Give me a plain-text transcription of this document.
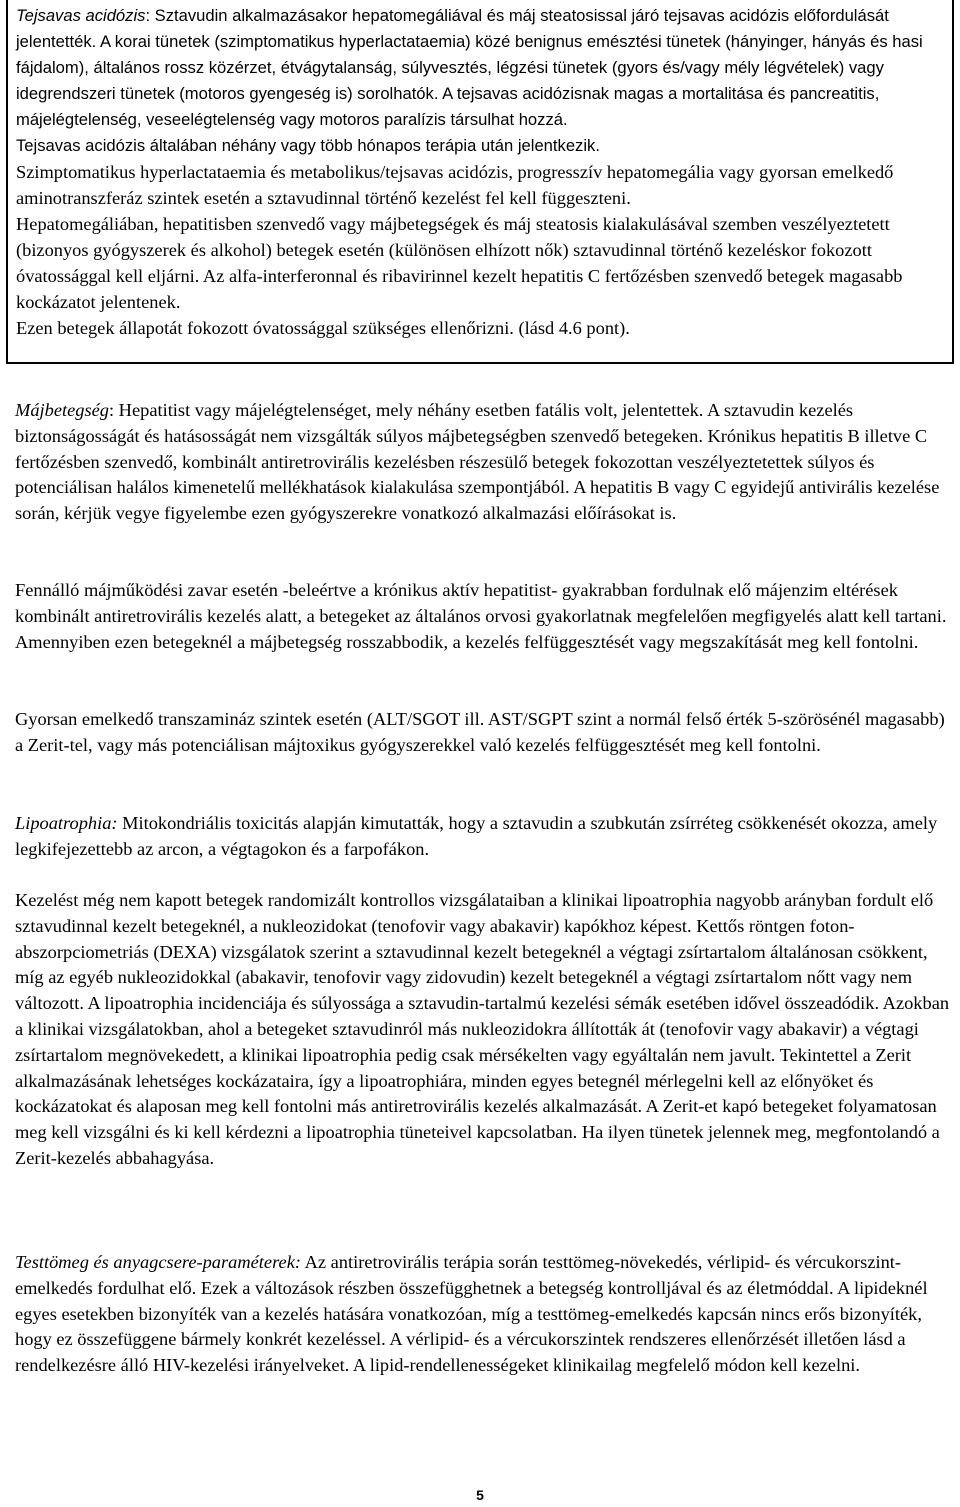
Tejsavas acidózis: Sztavudin alkalmazásakor hepatomegáliával és máj steatosissal járó tejsavas acidózis előfordulását jelentették. A korai tünetek (szimptomatikus hyperlactataemia) közé benignus emésztési tünetek (hányinger, hányás és hasi fájdalom), általános rossz közérzet, étvágytalanság, súlyvesztés, légzési tünetek (gyors és/vagy mély légvételek) vagy idegrendszeri tünetek (motoros gyengeség is) sorolhatók. A tejsavas acidózisnak magas a mortalitása és pancreatitis, májelégtelenség, veseelégtelenség vagy motoros paralízis társulhat hozzá.

Tejsavas acidózis általában néhány vagy több hónapos terápia után jelentkezik.

Szimptomatikus hyperlactataemia és metabolikus/tejsavas acidózis, progresszív hepatomegália vagy gyorsan emelkedő aminotranszferáz szintek esetén a sztavudinnal történő kezelést fel kell függeszteni.

Hepatomegáliában, hepatitisben szenvedő vagy májbetegségek és máj steatosis kialakulásával szemben veszélyeztetett (bizonyos gyógyszerek és alkohol) betegek esetén (különösen elhízott nők) sztavudinnal történő kezeléskor fokozott óvatossággal kell eljárni. Az alfa-interferonnal és ribavirinnel kezelt hepatitis C fertőzésben szenvedő betegek magasabb kockázatot jelentenek.

Ezen betegek állapotát fokozott óvatossággal szükséges ellenőrizni. (lásd 4.6 pont).

Májbetegség: Hepatitist vagy májelégtelenséget, mely néhány esetben fatális volt, jelentettek. A sztavudin kezelés biztonságosságát és hatásosságát nem vizsgálták súlyos májbetegségben szenvedő betegeken. Krónikus hepatitis B illetve C fertőzésben szenvedő, kombinált antiretrovirális kezelésben részesülő betegek fokozottan veszélyeztetettek súlyos és potenciálisan halálos kimenetelű mellékhatások kialakulása szempontjából. A hepatitis B vagy C egyidejű antivirális kezelése során, kérjük vegye figyelembe ezen gyógyszerekre vonatkozó alkalmazási előírásokat is.

Fennálló májműködési zavar esetén -beleértve a krónikus aktív hepatitist- gyakrabban fordulnak elő májenzim eltérések kombinált antiretrovirális kezelés alatt, a betegeket az általános orvosi gyakorlatnak megfelelően megfigyelés alatt kell tartani. Amennyiben ezen betegeknél a májbetegség rosszabbodik, a kezelés felfüggesztését vagy megszakítását meg kell fontolni.

Gyorsan emelkedő transzamináz szintek esetén (ALT/SGOT ill. AST/SGPT szint a normál felső érték 5-szörösénél magasabb) a Zerit-tel, vagy más potenciálisan májtoxikus gyógyszerekkel való kezelés felfüggesztését meg kell fontolni.

Lipoatrophia: Mitokondriális toxicitás alapján kimutatták, hogy a sztavudin a szubkután zsírréteg csökkenését okozza, amely legkifejezettebb az arcon, a végtagokon és a farpofákon.

Kezelést még nem kapott betegek randomizált kontrollos vizsgálataiban a klinikai lipoatrophia nagyobb arányban fordult elő sztavudinnal kezelt betegeknél, a nukleozidokat (tenofovir vagy abakavir) kapókhoz képest. Kettős röntgen foton-abszorpciometriás (DEXA) vizsgálatok szerint a sztavudinnal kezelt betegeknél a végtagi zsírtartalom általánosan csökkent, míg az egyéb nukleozidokkal (abakavir, tenofovir vagy zidovudin) kezelt betegeknél a végtagi zsírtartalom nőtt vagy nem változott. A lipoatrophia incidenciája és súlyossága a sztavudin-tartalmú kezelési sémák esetében idővel összeadódik. Azokban a klinikai vizsgálatokban, ahol a betegeket sztavudinról más nukleozidokra állították át (tenofovir vagy abakavir) a végtagi zsírtartalom megnövekedett, a klinikai lipoatrophia pedig csak mérsékelten vagy egyáltalán nem javult. Tekintettel a Zerit alkalmazásának lehetséges kockázataira, így a lipoatrophiára, minden egyes betegnél mérlegelni kell az előnyöket és kockázatokat és alaposan meg kell fontolni más antiretrovirális kezelés alkalmazását. A Zerit-et kapó betegeket folyamatosan meg kell vizsgálni és ki kell kérdezni a lipoatrophia tüneteivel kapcsolatban. Ha ilyen tünetek jelennek meg, megfontolandó a Zerit-kezelés abbahagyása.

Testtömeg és anyagcsere-paraméterek: Az antiretrovirális terápia során testtömeg-növekedés, vérlipid- és vércukorszint-emelkedés fordulhat elő. Ezek a változások részben összefügghetnek a betegség kontrolljával és az életmóddal. A lipideknél egyes esetekben bizonyíték van a kezelés hatására vonatkozóan, míg a testtömeg-emelkedés kapcsán nincs erős bizonyíték, hogy ez összefüggene bármely konkrét kezeléssel. A vérlipid- és a vércukorszintek rendszeres ellenőrzését illetően lásd a rendelkezésre álló HIV-kezelési irányelveket. A lipid-rendellenességeket klinikailag megfelelő módon kell kezelni.

5
